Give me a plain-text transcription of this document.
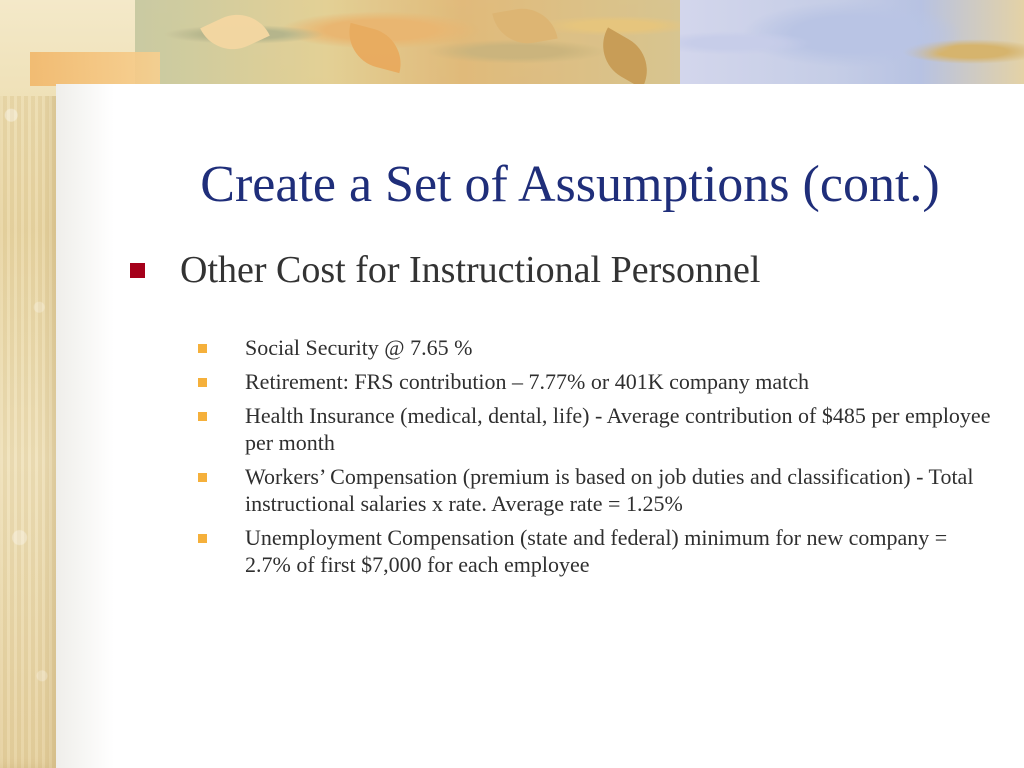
Create a Set of Assumptions (cont.)
Other Cost for Instructional Personnel
Social Security @ 7.65 %
Retirement: FRS contribution – 7.77% or 401K company match
Health Insurance (medical, dental, life) - Average contribution of $485 per employee per month
Workers’ Compensation (premium is based on job duties and classification) - Total instructional salaries x rate. Average rate = 1.25%
Unemployment Compensation (state and federal) minimum for new company = 2.7% of first $7,000 for each employee
